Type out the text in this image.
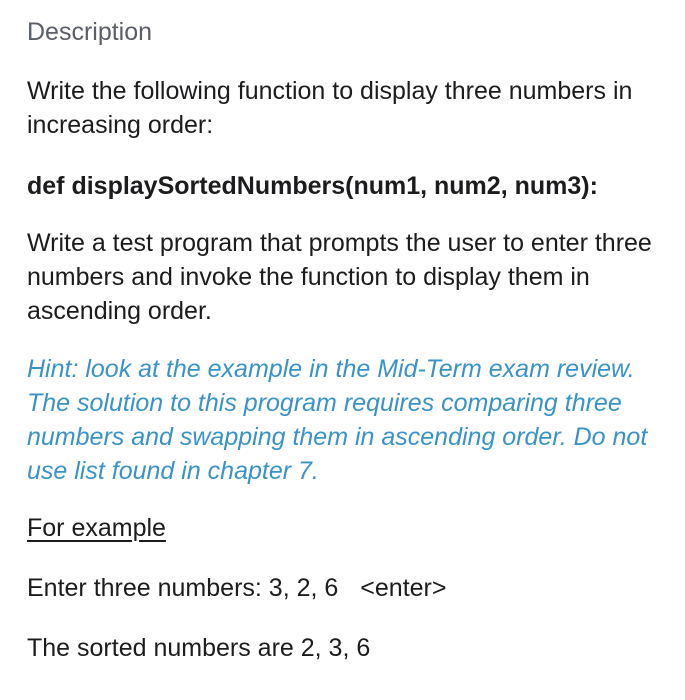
Description

Write the following function to display three numbers in increasing order:

def displaySortedNumbers(num1, num2, num3):

Write a test program that prompts the user to enter three numbers and invoke the function to display them in ascending order.

Hint: look at the example in the Mid-Term exam review. The solution to this program requires comparing three numbers and swapping them in ascending order. Do not use list found in chapter 7.

For example
Enter three numbers: 3, 2, 6 <enter>
The sorted numbers are 2, 3, 6
